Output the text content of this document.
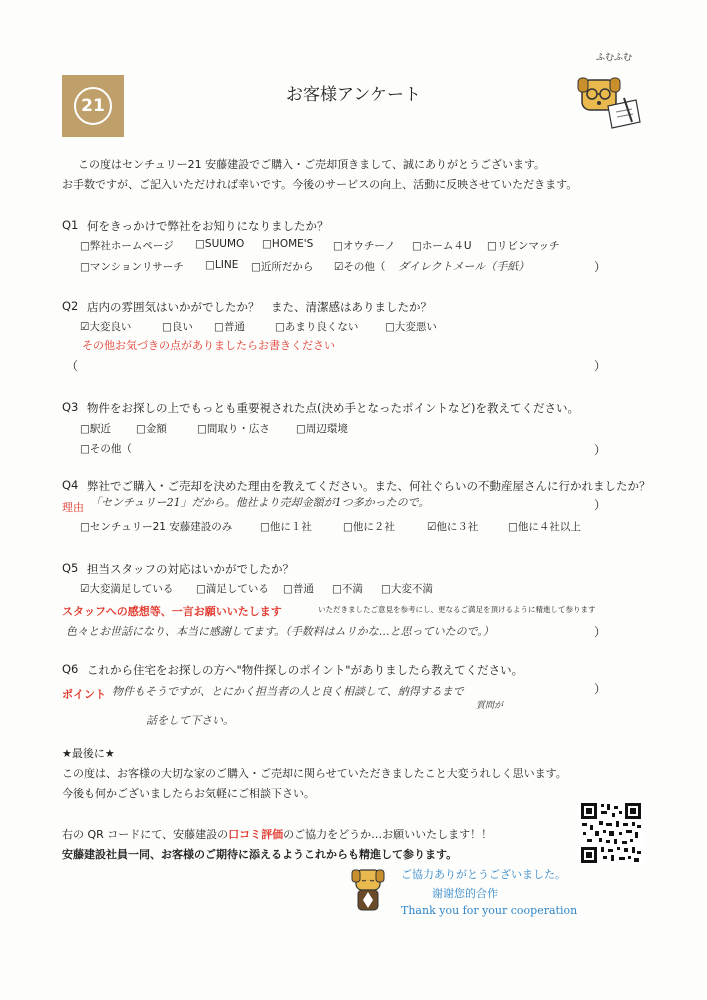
21
お客様アンケート
ふむふむ
この度はセンチュリー21 安藤建設でご購入・ご売却頂きまして、誠にありがとうございます。
お手数ですが、ご記入いただければ幸いです。今後のサービスの向上、活動に反映させていただきます。
Q1 何をきっかけで弊社をお知りになりましたか？
□弊社ホームページ □SUUMO □HOME'S □オウチーノ □ホーム４U □リビンマッチ
□マンションリサーチ □LINE □近所だから ☑その他（ ダイレクトメール（手紙）	）
Q2 店内の雰囲気はいかがでしたか？　また、清潔感はありましたか？
☑大変良い	□良い □普通	□あまり良くない	□大変悪い
その他お気づきの点がありましたらお書きください
（	）
Q3 物件をお探しの上でもっとも重要視された点(決め手となったポイントなど)を教えてください。
□駅近 □金額	□間取り・広さ □周辺環境
□その他（	）
Q4 弊社でご購入・ご売却を決めた理由を教えてください。また、何社ぐらいの不動産屋さんに行かれましたか？
理由 「センチュリー21」だから。他社より売却金額が1つ多かったので。	）
□センチュリー21 安藤建設のみ	□他に１社	□他に２社	☑他に３社	□他に４社以上
Q5 担当スタッフの対応はいかがでしたか？
☑大変満足している □満足している □普通 □不満 □大変不満
スタッフへの感想等、一言お願いいたします	いただきましたご意見を参考にし、更なるご満足を頂けるように精進して参ります
色々とお世話になり、本当に感謝してます。（手数料はムリかな…と思っていたので。）	）
Q6 これから住宅をお探しの方へ"物件探しのポイント"がありましたら教えてください。
ポイント 物件もそうですが、とにかく担当者の人と良く相談して、納得するまで
質問が
）
話をして下さい。
★最後に★
この度は、お客様の大切な家のご購入・ご売却に関らせていただきましたこと大変うれしく思います。
今後も何かございましたらお気軽にご相談下さい。
右の QR コードにて、安藤建設の口コミ評価のご協力をどうか…お願いいたします！！
安藤建設社員一同、お客様のご期待に添えるようこれからも精進して参ります。
ご協力ありがとうございました。
谢谢您的合作
Thank you for your cooperation
